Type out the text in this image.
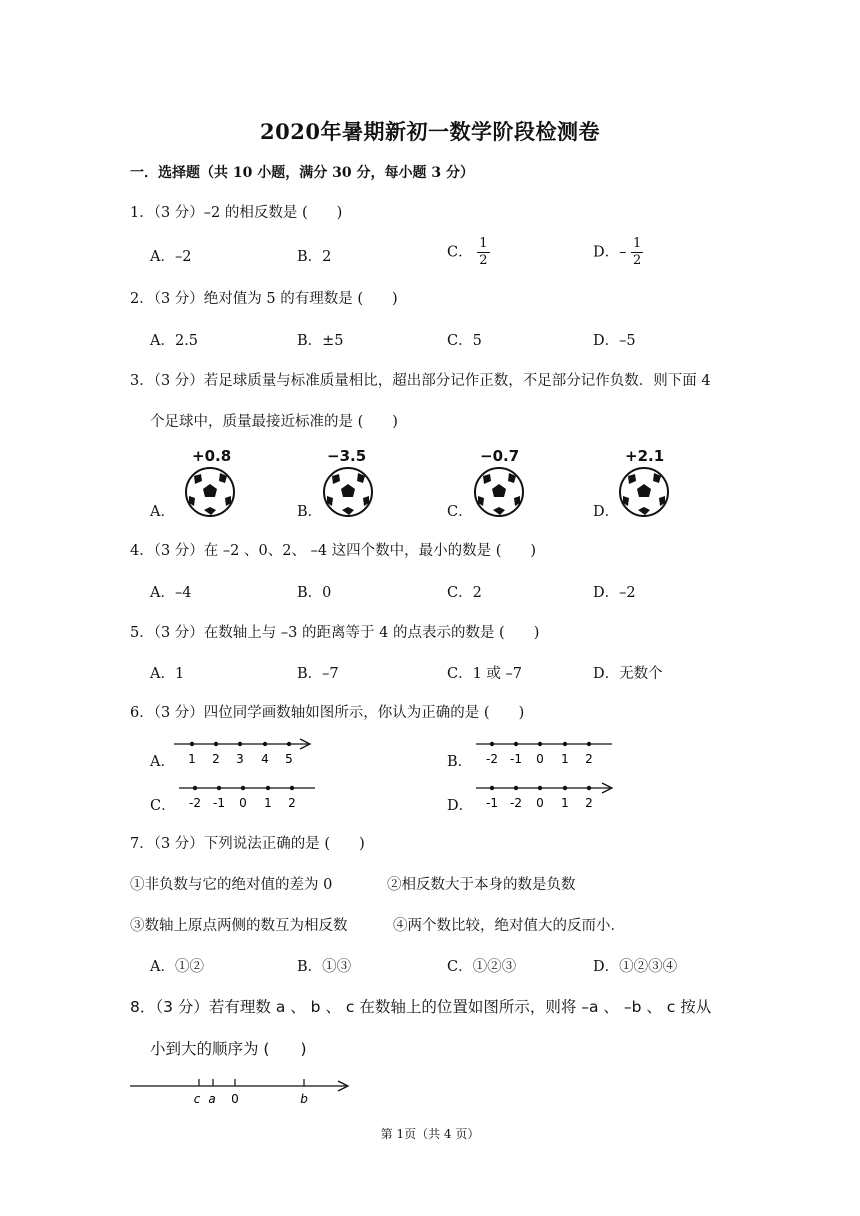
2020年暑期新初一数学阶段检测卷
一．选择题（共 10 小题，满分 30 分，每小题 3 分）
1．（3 分）–2 的相反数是 (　　)
A．–2	B．2	C． $\frac{1}{2}$	D．– $\frac{1}{2}$
2．（3 分）绝对值为 5 的有理数是 (　　)
A．2.5	B．±5	C．5	D．–5
3．（3 分）若足球质量与标准质量相比，超出部分记作正数，不足部分记作负数．则下面 4
个足球中，质量最接近标准的是 (　　)
A．	B．	C．	D．
+0.8	−3.5	−0.7	+2.1
4．（3 分）在 –2 、0、2、 –4 这四个数中，最小的数是 (　　)
A．–4	B．0	C．2	D．–2
5．（3 分）在数轴上与 –3 的距离等于 4 的点表示的数是 (　　)
A．1	B．–7	C．1 或 –7	D．无数个
6．（3 分）四位同学画数轴如图所示，你认为正确的是 (　　)
A．	B．
C．	D．
1 2 3 4 5	-2 -1 0 1 2
-2 -1 0 1 2	-1 -2 0 1 2
7．（3 分）下列说法正确的是 (　　)
①非负数与它的绝对值的差为 0	②相反数大于本身的数是负数
③数轴上原点两侧的数互为相反数	④两个数比较，绝对值大的反而小．
A．①②	B．①③	C．①②③	D．①②③④
8．（3 分）若有理数 a 、 b 、 c 在数轴上的位置如图所示，则将 –a 、 –b 、 c 按从
小到大的顺序为 (　　)
c a 0	b
第 1页（共 4 页）
